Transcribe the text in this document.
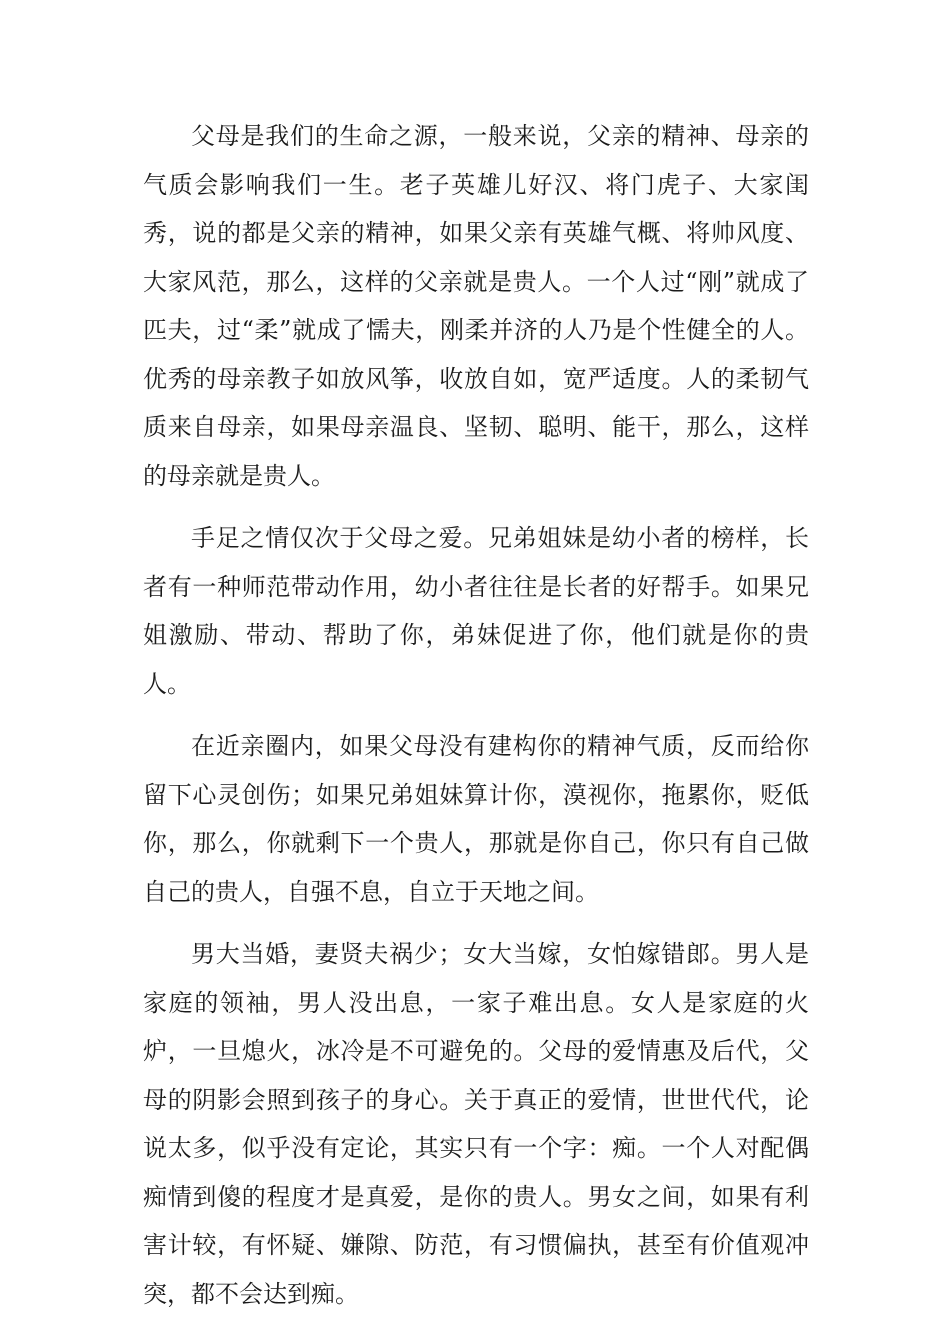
父母是我们的生命之源，一般来说，父亲的精神、母亲的气质会影响我们一生。老子英雄儿好汉、将门虎子、大家闺秀，说的都是父亲的精神，如果父亲有英雄气概、将帅风度、大家风范，那么，这样的父亲就是贵人。一个人过“刚”就成了匹夫，过“柔”就成了懦夫，刚柔并济的人乃是个性健全的人。优秀的母亲教子如放风筝，收放自如，宽严适度。人的柔韧气质来自母亲，如果母亲温良、坚韧、聪明、能干，那么，这样的母亲就是贵人。

手足之情仅次于父母之爱。兄弟姐妹是幼小者的榜样，长者有一种师范带动作用，幼小者往往是长者的好帮手。如果兄姐激励、带动、帮助了你，弟妹促进了你，他们就是你的贵人。

在近亲圈内，如果父母没有建构你的精神气质，反而给你留下心灵创伤；如果兄弟姐妹算计你，漠视你，拖累你，贬低你，那么，你就剩下一个贵人，那就是你自己，你只有自己做自己的贵人，自强不息，自立于天地之间。

男大当婚，妻贤夫祸少；女大当嫁，女怕嫁错郎。男人是家庭的领袖，男人没出息，一家子难出息。女人是家庭的火炉，一旦熄火，冰冷是不可避免的。父母的爱情惠及后代，父母的阴影会照到孩子的身心。关于真正的爱情，世世代代，论说太多，似乎没有定论，其实只有一个字：痴。一个人对配偶痴情到傻的程度才是真爱，是你的贵人。男女之间，如果有利害计较，有怀疑、嫌隙、防范，有习惯偏执，甚至有价值观冲突，都不会达到痴。
